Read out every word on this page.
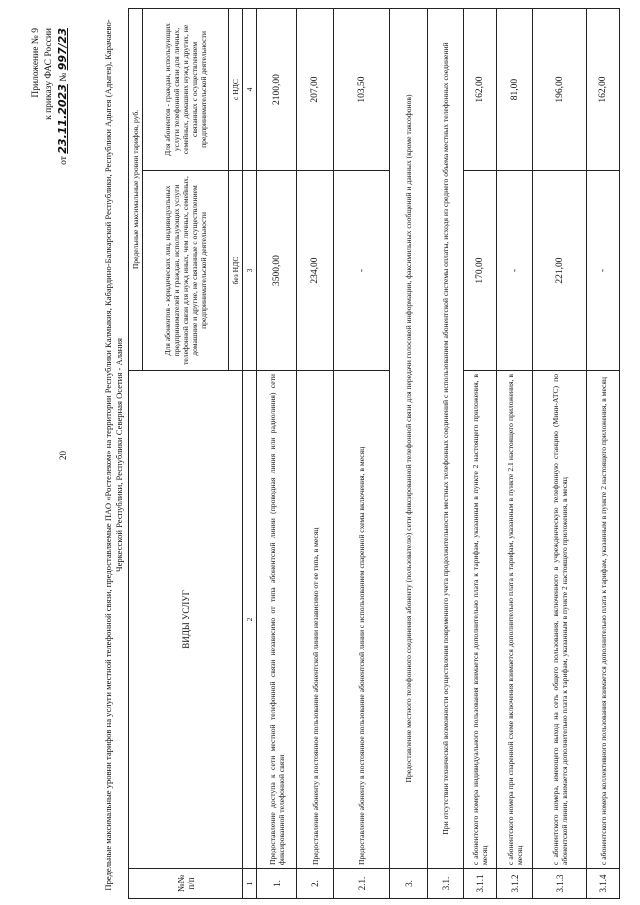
20
Приложение № 9 к приказу ФАС России
от 23.11.2023 № 997/23	Предельные максимальные уровни тарифов на услуги местной телефонной связи, предоставляемые ПАО «Ростелеком» на территории Республики Калмыкия, Кабардино-Балкарской Республики, Республики Адыгея (Адыгея), Карачаево-Черкесской Республики, Республики Северная Осетия - Алания
№№ п/п	ВИДЫ УСЛУГ	Предельные максимальные уровни тарифов, руб.	
		Для абонентов - юридических лиц, индивидуальных предпринимателей и граждан, использующих услуги телефонной связи для нужд иных, чем личных, семейных, домашние и другие, не связанные с осуществлением предпринимательской деятельности	Для абонентов - граждан, использующих услуги телефонной связи для личных, семейных, домашних нужд и других, не связанных с осуществлением предпринимательской деятельности
		без НДС	с НДС
1	2	3	4
1.	Предоставление доступа к сети местной телефонной связи независимо от типа абонентской линии (проводная линия или радиолиния) сети фиксированной телефонной связи	3500,00	2100,00
2.	Предоставление абоненту в постоянное пользование абонентской линии независимо от ее типа, в месяц	234,00	207,00
2.1.	Предоставление абоненту в постоянное пользование абонентской линии с использованием спаренной схемы включения, в месяц	-	103,50
3.	Предоставление местного телефонного соединения абоненту (пользователю) сети фиксированной телефонной связи для передачи голосовой информации, факсимильных сообщений и данных (кроме таксофонов)		
3.1.	При отсутствии технической возможности осуществления повременного учета продолжительности местных телефонных соединений с использованием абонентской системы оплаты, исходя из среднего объема местных телефонных соединений		
3.1.1	с абонентского номера индивидуального пользования взимается дополнительно плата к тарифам, указанным в пункте 2 настоящего приложения, в месяц	170,00	162,00
3.1.2	с абонентского номера при спаренной схеме включения взимается дополнительно плата к тарифам, указанным в пункте 2.1 настоящего приложения, в месяц	-	81,00
3.1.3	с абонентского номера, имеющего выход на сеть общего пользования, включенного в учрежденческую телефонную станцию (Мини-АТС) по абонентской линии, взимается дополнительно плата к тарифам, указанным в пункте 2 настоящего приложения, в месяц	221,00	196,00
3.1.4	с абонентского номера коллективного пользования взимается дополнительно плата к тарифам, указанным в пункте 2 настоящего приложения, в месяц	-	162,00
